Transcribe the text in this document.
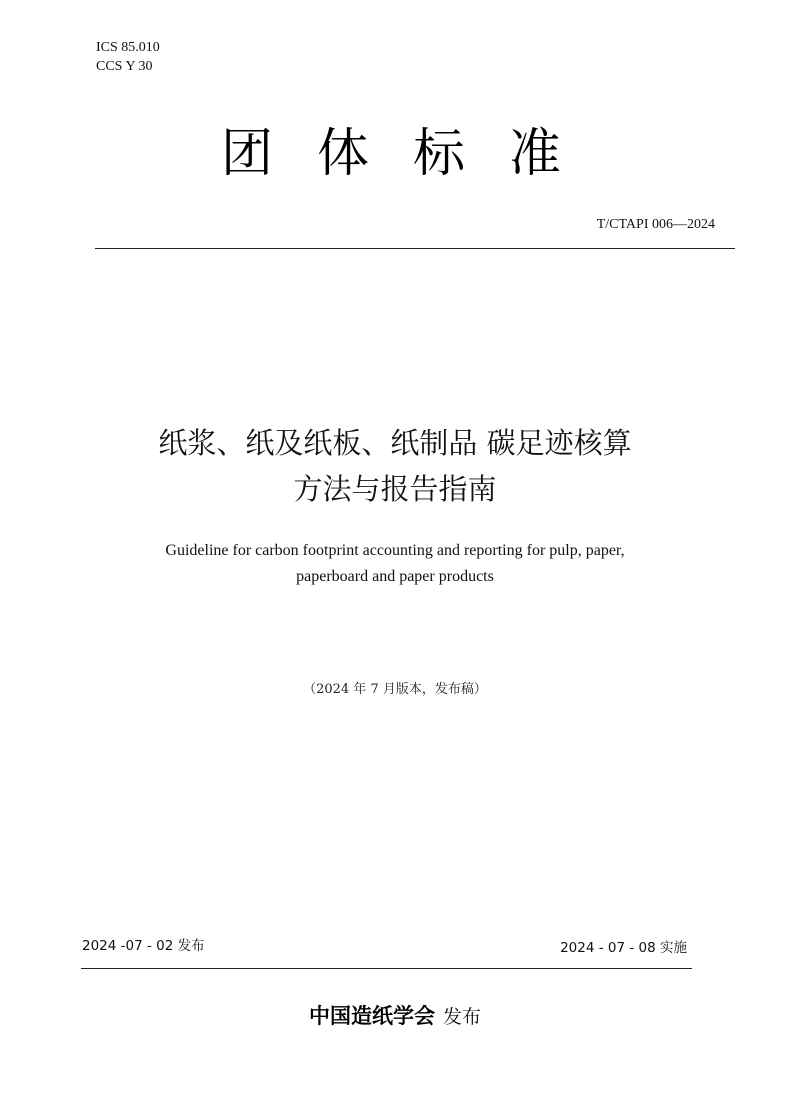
ICS 85.010
CCS Y 30
团体标准
T/CTAPI 006—2024
纸浆、纸及纸板、纸制品 碳足迹核算
方法与报告指南
Guideline for carbon footprint accounting and reporting for pulp, paper,
paperboard and paper products
（2024 年 7 月版本，发布稿）
2024 -07 - 02 发布	2024 - 07 - 08 实施
中国造纸学会 发布
